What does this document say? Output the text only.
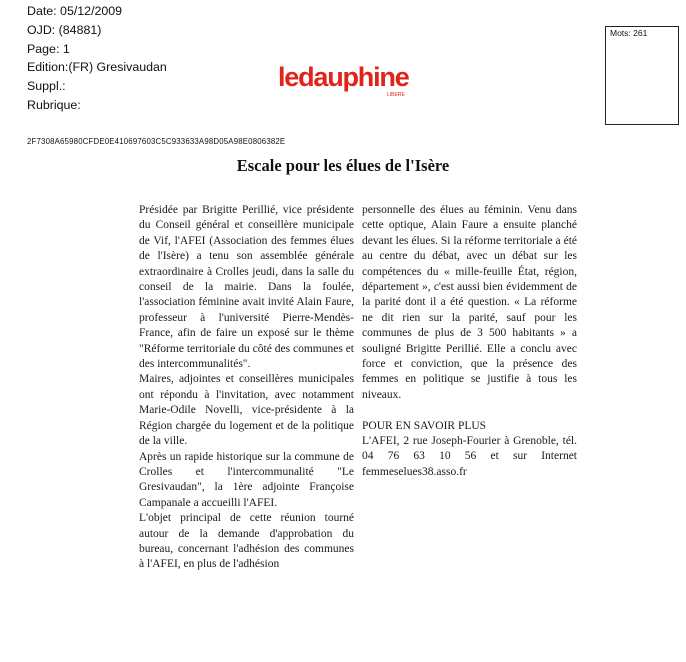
Date: 05/12/2009
OJD: (84881)
Page: 1
Edition:(FR) Gresivaudan
Suppl.:
Rubrique:
ledauphine
LIBERE
Mots: 261
2F7308A65980CFDE0E410697603C5C933633A98D05A98E0806382E
Escale pour les élues de l'Isère

Présidée par Brigitte Perillié, vice présidente du Conseil général et conseillère municipale de Vif, l'AFEI (Association des femmes élues de l'Isère) a tenu son assemblée générale extraordinaire à Crolles jeudi, dans la salle du conseil de la mairie. Dans la foulée, l'association féminine avait invité Alain Faure, professeur à l'université Pierre-Mendès-France, afin de faire un exposé sur le thème "Réforme territoriale du côté des communes et des intercommunalités".

Maires, adjointes et conseillères municipales ont répondu à l'invitation, avec notamment Marie-Odile Novelli, vice-présidente à la Région chargée du logement et de la politique de la ville.

Après un rapide historique sur la commune de Crolles et l'intercommunalité "Le Gresivaudan", la 1ère adjointe Françoise Campanale a accueilli l'AFEI.

L'objet principal de cette réunion tourné autour de la demande d'approbation du bureau, concernant l'adhésion des communes à l'AFEI, en plus de l'adhésion

personnelle des élues au féminin. Venu dans cette optique, Alain Faure a ensuite planché devant les élues. Si la réforme territoriale a été au centre du débat, avec un débat sur les compétences du « mille-feuille État, région, département », c'est aussi bien évidemment de la parité dont il a été question. « La réforme ne dit rien sur la parité, sauf pour les communes de plus de 3 500 habitants » a souligné Brigitte Perillié. Elle a conclu avec force et conviction, que la présence des femmes en politique se justifie à tous les niveaux.

POUR EN SAVOIR PLUS

L'AFEI, 2 rue Joseph-Fourier à Grenoble, tél. 04 76 63 10 56 et sur Internet femmeselues38.asso.fr
